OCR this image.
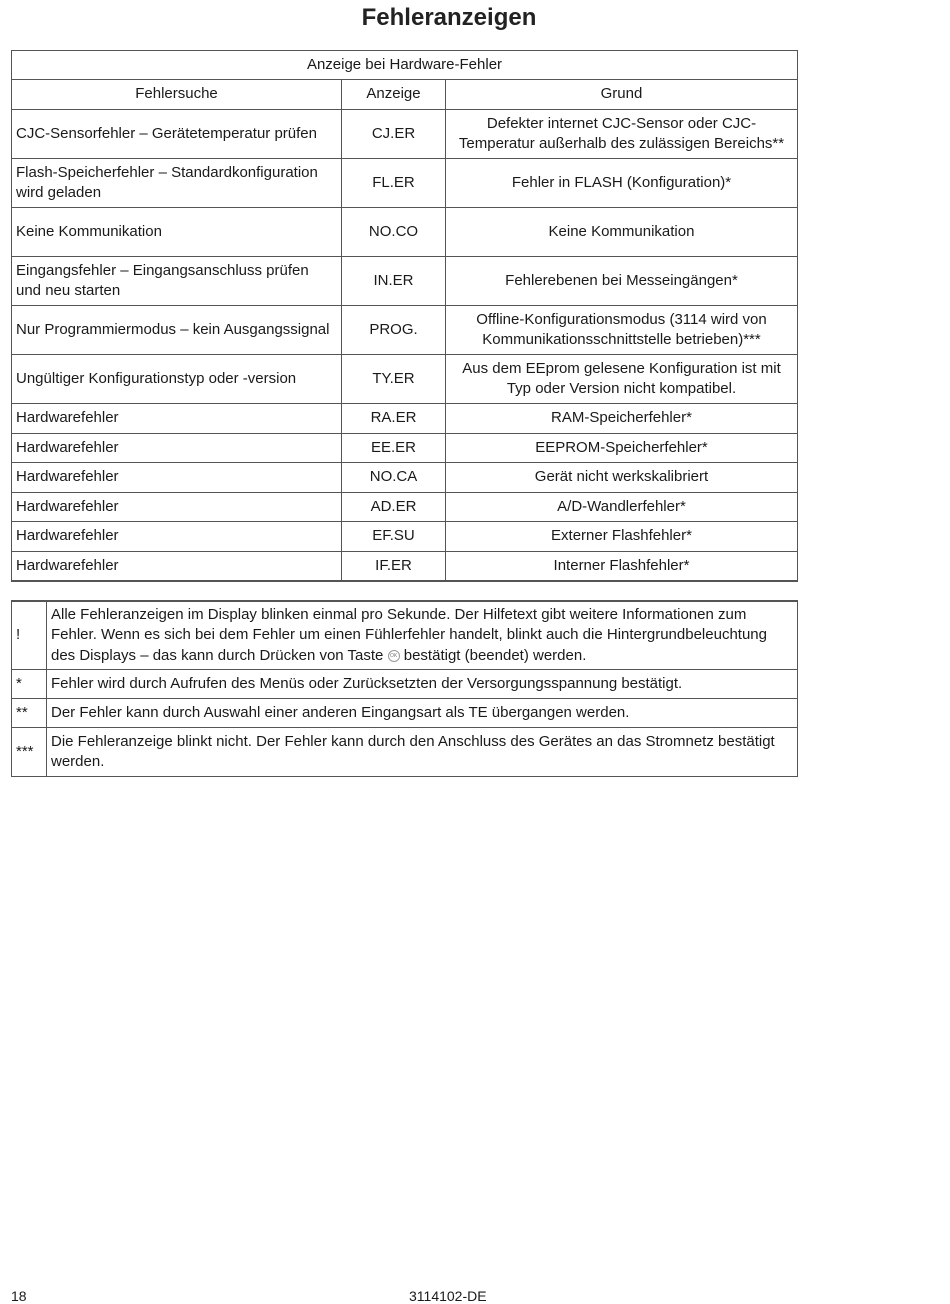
Fehleranzeigen
Anzeige bei Hardware-Fehler		
Fehlersuche	Anzeige	Grund
CJC-Sensorfehler – Gerätetemperatur prüfen	CJ.ER	Defekter internet CJC-Sensor oder CJC-Temperatur außerhalb des zulässigen Bereichs**
Flash-Speicherfehler – Standardkonfiguration wird geladen	FL.ER	Fehler in FLASH (Konfiguration)*
Keine Kommunikation	NO.CO	Keine Kommunikation
Eingangsfehler – Eingangsanschluss prüfen und neu starten	IN.ER	Fehlerebenen bei Messeingängen*
Nur Programmiermodus – kein Ausgangssignal	PROG.	Offline-Konfigurationsmodus (3114 wird von Kommunikationsschnittstelle betrieben)***
Ungültiger Konfigurationstyp oder -version	TY.ER	Aus dem EEprom gelesene Konfiguration ist mit Typ oder Version nicht kompatibel.
Hardwarefehler	RA.ER	RAM-Speicherfehler*
Hardwarefehler	EE.ER	EEPROM-Speicherfehler*
Hardwarefehler	NO.CA	Gerät nicht werkskalibriert
Hardwarefehler	AD.ER	A/D-Wandlerfehler*
Hardwarefehler	EF.SU	Externer Flashfehler*
Hardwarefehler	IF.ER	Interner Flashfehler*
!	Alle Fehleranzeigen im Display blinken einmal pro Sekunde. Der Hilfetext gibt weitere Informationen zum Fehler. Wenn es sich bei dem Fehler um einen Fühlerfehler handelt, blinkt auch die Hintergrundbeleuchtung des Displays – das kann durch Drücken von Taste OK bestätigt (beendet) werden.
*	Fehler wird durch Aufrufen des Menüs oder Zurücksetzten der Versorgungsspannung bestätigt.
**	Der Fehler kann durch Auswahl einer anderen Eingangsart als TE übergangen werden.
***	Die Fehleranzeige blinkt nicht. Der Fehler kann durch den Anschluss des Gerätes an das Stromnetz bestätigt werden.
18	3114102-DE
